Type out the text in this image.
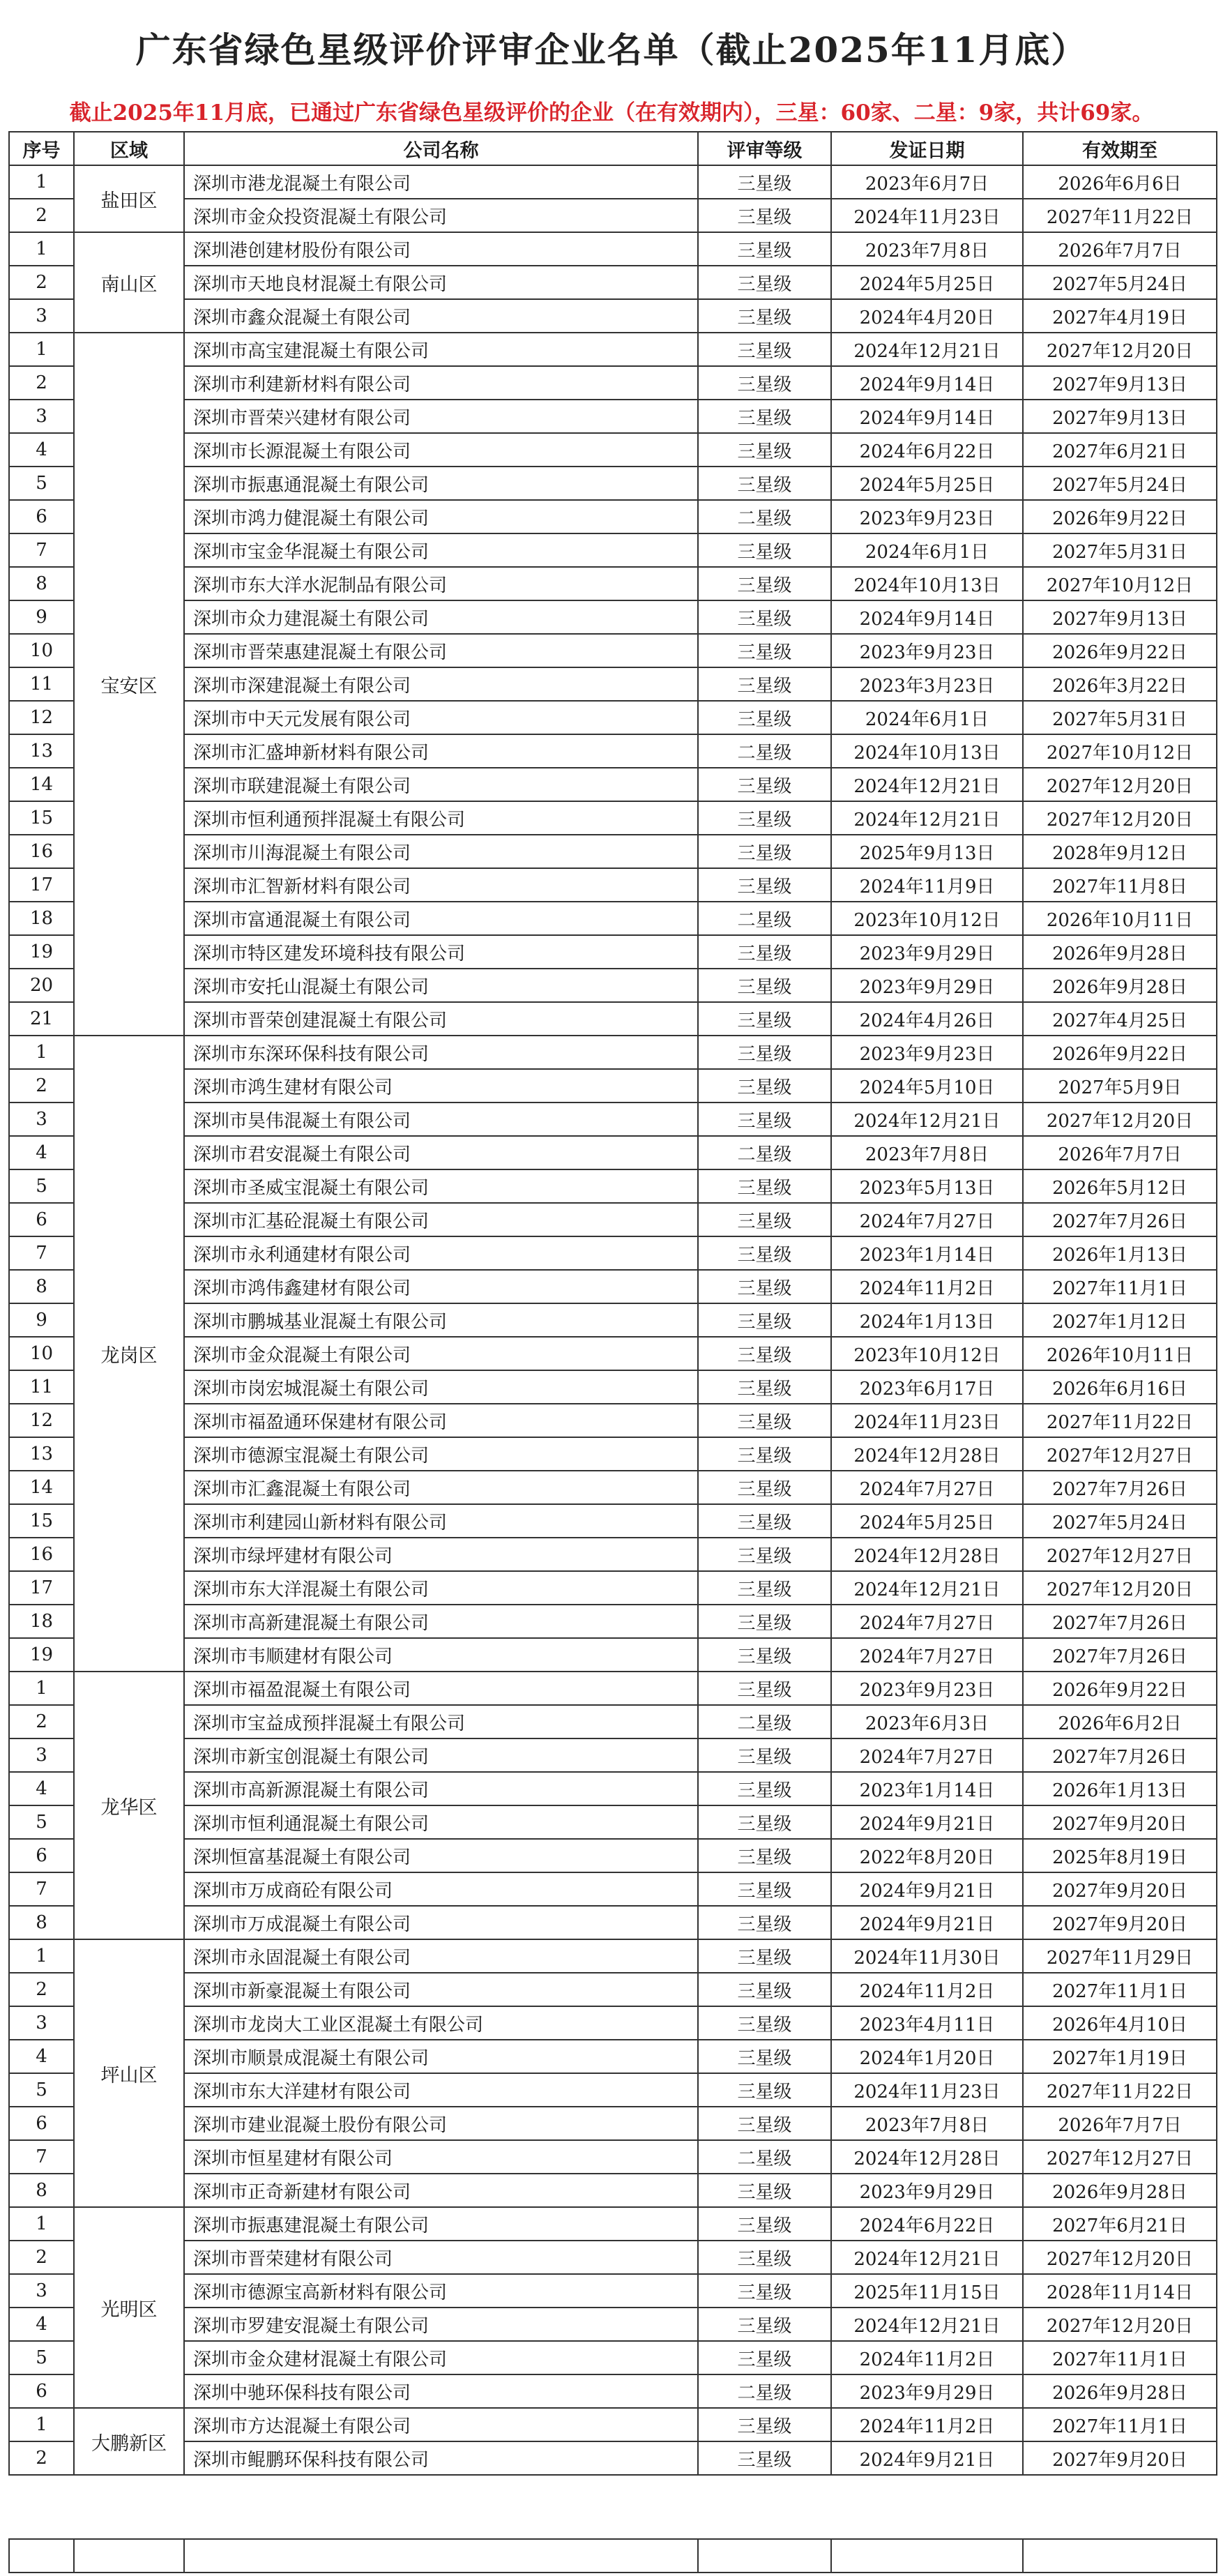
广东省绿色星级评价评审企业名单（截止2025年11月底）
截止2025年11月底，已通过广东省绿色星级评价的企业（在有效期内），三星：60家、二星：9家，共计69家。
序号	区域	公司名称	评审等级	发证日期	有效期至
1	盐田区	深圳市港龙混凝土有限公司	三星级	2023年6月7日	2026年6月6日
2		深圳市金众投资混凝土有限公司	三星级	2024年11月23日	2027年11月22日
1	南山区	深圳港创建材股份有限公司	三星级	2023年7月8日	2026年7月7日
2		深圳市天地良材混凝土有限公司	三星级	2024年5月25日	2027年5月24日
3		深圳市鑫众混凝土有限公司	三星级	2024年4月20日	2027年4月19日
1	宝安区	深圳市高宝建混凝土有限公司	三星级	2024年12月21日	2027年12月20日
2		深圳市利建新材料有限公司	三星级	2024年9月14日	2027年9月13日
3		深圳市晋荣兴建材有限公司	三星级	2024年9月14日	2027年9月13日
4		深圳市长源混凝土有限公司	三星级	2024年6月22日	2027年6月21日
5		深圳市振惠通混凝土有限公司	三星级	2024年5月25日	2027年5月24日
6		深圳市鸿力健混凝土有限公司	二星级	2023年9月23日	2026年9月22日
7		深圳市宝金华混凝土有限公司	三星级	2024年6月1日	2027年5月31日
8		深圳市东大洋水泥制品有限公司	三星级	2024年10月13日	2027年10月12日
9		深圳市众力建混凝土有限公司	三星级	2024年9月14日	2027年9月13日
10		深圳市晋荣惠建混凝土有限公司	三星级	2023年9月23日	2026年9月22日
11		深圳市深建混凝土有限公司	三星级	2023年3月23日	2026年3月22日
12		深圳市中天元发展有限公司	三星级	2024年6月1日	2027年5月31日
13		深圳市汇盛坤新材料有限公司	二星级	2024年10月13日	2027年10月12日
14		深圳市联建混凝土有限公司	三星级	2024年12月21日	2027年12月20日
15		深圳市恒利通预拌混凝土有限公司	三星级	2024年12月21日	2027年12月20日
16		深圳市川海混凝土有限公司	三星级	2025年9月13日	2028年9月12日
17		深圳市汇智新材料有限公司	三星级	2024年11月9日	2027年11月8日
18		深圳市富通混凝土有限公司	二星级	2023年10月12日	2026年10月11日
19		深圳市特区建发环境科技有限公司	三星级	2023年9月29日	2026年9月28日
20		深圳市安托山混凝土有限公司	三星级	2023年9月29日	2026年9月28日
21		深圳市晋荣创建混凝土有限公司	三星级	2024年4月26日	2027年4月25日
1	龙岗区	深圳市东深环保科技有限公司	三星级	2023年9月23日	2026年9月22日
2		深圳市鸿生建材有限公司	三星级	2024年5月10日	2027年5月9日
3		深圳市昊伟混凝土有限公司	三星级	2024年12月21日	2027年12月20日
4		深圳市君安混凝土有限公司	二星级	2023年7月8日	2026年7月7日
5		深圳市圣威宝混凝土有限公司	三星级	2023年5月13日	2026年5月12日
6		深圳市汇基砼混凝土有限公司	三星级	2024年7月27日	2027年7月26日
7		深圳市永利通建材有限公司	三星级	2023年1月14日	2026年1月13日
8		深圳市鸿伟鑫建材有限公司	三星级	2024年11月2日	2027年11月1日
9		深圳市鹏城基业混凝土有限公司	三星级	2024年1月13日	2027年1月12日
10		深圳市金众混凝土有限公司	三星级	2023年10月12日	2026年10月11日
11		深圳市岗宏城混凝土有限公司	三星级	2023年6月17日	2026年6月16日
12		深圳市福盈通环保建材有限公司	三星级	2024年11月23日	2027年11月22日
13		深圳市德源宝混凝土有限公司	三星级	2024年12月28日	2027年12月27日
14		深圳市汇鑫混凝土有限公司	三星级	2024年7月27日	2027年7月26日
15		深圳市利建园山新材料有限公司	三星级	2024年5月25日	2027年5月24日
16		深圳市绿坪建材有限公司	三星级	2024年12月28日	2027年12月27日
17		深圳市东大洋混凝土有限公司	三星级	2024年12月21日	2027年12月20日
18		深圳市高新建混凝土有限公司	三星级	2024年7月27日	2027年7月26日
19		深圳市韦顺建材有限公司	三星级	2024年7月27日	2027年7月26日
1	龙华区	深圳市福盈混凝土有限公司	三星级	2023年9月23日	2026年9月22日
2		深圳市宝益成预拌混凝土有限公司	二星级	2023年6月3日	2026年6月2日
3		深圳市新宝创混凝土有限公司	三星级	2024年7月27日	2027年7月26日
4		深圳市高新源混凝土有限公司	三星级	2023年1月14日	2026年1月13日
5		深圳市恒利通混凝土有限公司	三星级	2024年9月21日	2027年9月20日
6		深圳恒富基混凝土有限公司	三星级	2022年8月20日	2025年8月19日
7		深圳市万成商砼有限公司	三星级	2024年9月21日	2027年9月20日
8		深圳市万成混凝土有限公司	三星级	2024年9月21日	2027年9月20日
1	坪山区	深圳市永固混凝土有限公司	三星级	2024年11月30日	2027年11月29日
2		深圳市新豪混凝土有限公司	三星级	2024年11月2日	2027年11月1日
3		深圳市龙岗大工业区混凝土有限公司	三星级	2023年4月11日	2026年4月10日
4		深圳市顺景成混凝土有限公司	三星级	2024年1月20日	2027年1月19日
5		深圳市东大洋建材有限公司	三星级	2024年11月23日	2027年11月22日
6		深圳市建业混凝土股份有限公司	三星级	2023年7月8日	2026年7月7日
7		深圳市恒星建材有限公司	二星级	2024年12月28日	2027年12月27日
8		深圳市正奇新建材有限公司	三星级	2023年9月29日	2026年9月28日
1	光明区	深圳市振惠建混凝土有限公司	三星级	2024年6月22日	2027年6月21日
2		深圳市晋荣建材有限公司	三星级	2024年12月21日	2027年12月20日
3		深圳市德源宝高新材料有限公司	三星级	2025年11月15日	2028年11月14日
4		深圳市罗建安混凝土有限公司	三星级	2024年12月21日	2027年12月20日
5		深圳市金众建材混凝土有限公司	三星级	2024年11月2日	2027年11月1日
6		深圳中驰环保科技有限公司	二星级	2023年9月29日	2026年9月28日
1	大鹏新区	深圳市方达混凝土有限公司	三星级	2024年11月2日	2027年11月1日
2		深圳市鲲鹏环保科技有限公司	三星级	2024年9月21日	2027年9月20日
